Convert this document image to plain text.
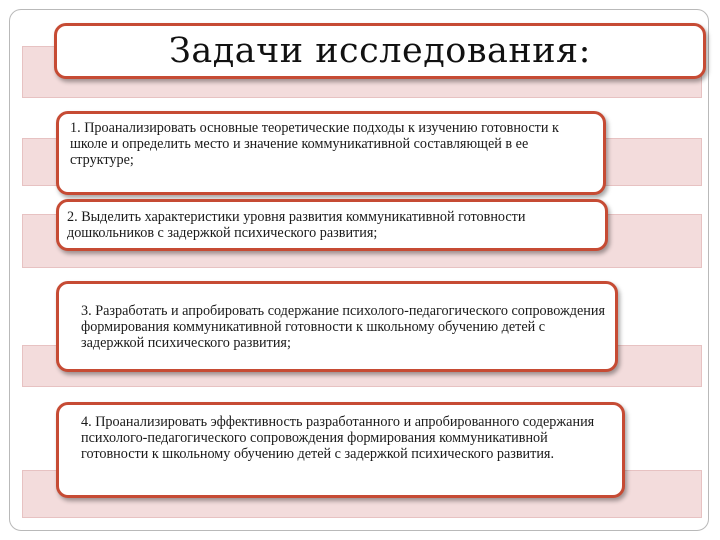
Задачи исследования:

1. Проанализировать основные теоретические подходы к изучению готовности к школе и определить место и значение коммуникативной составляющей в ее структуре;

2. Выделить характеристики уровня развития коммуникативной готовности дошкольников с задержкой психического развития;

3. Разработать и апробировать содержание психолого-педагогического сопровождения формирования коммуникативной готовности к школьному обучению детей с задержкой психического развития;

4. Проанализировать эффективность разработанного и апробированного содержания психолого-педагогического сопровождения формирования коммуникативной готовности к школьному обучению детей с задержкой психического развития.
